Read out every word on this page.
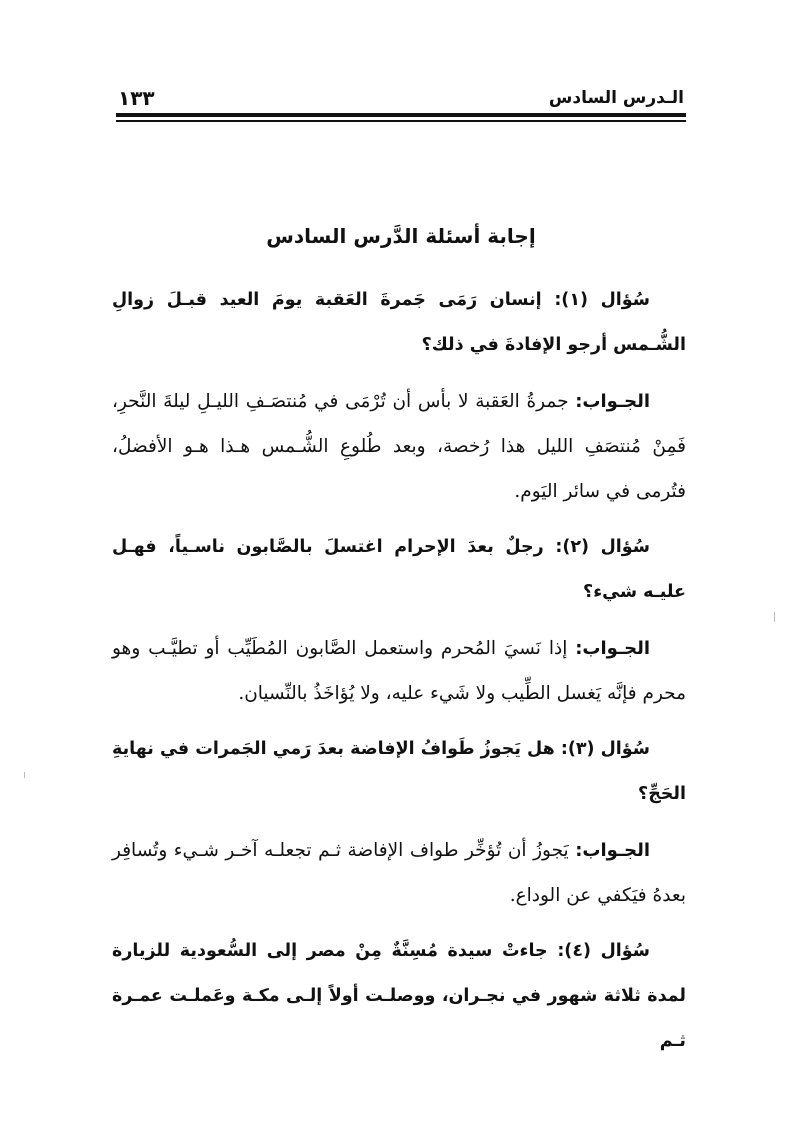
الـدرس السادس
١٣٣
إجابة أسئلة الدَّرس السادس

سُؤال (١): إنسان رَمَى جَمرةَ العَقبة يومَ العيد قبـلَ زوالِ الشُّـمس أرجو الإفادةَ في ذلك؟

الجـواب: جمرةُ العَقبة لا بأس أن تُرْمَى في مُنتصَـفِ الليـلِ ليلةَ النَّحرِ، فَمِنْ مُنتصَفِ الليل هذا رُخصة، وبعد طُلوعِ الشُّـمس هـذا هـو الأفضلُ، فتُرمى في سائر اليَوم.

سُؤال (٢): رجلٌ بعدَ الإحرام اغتسلَ بالصَّابون ناسـياً، فهـل عليـه شيء؟

الجـواب: إذا نَسيَ المُحرم واستعمل الصَّابون المُطَيِّب أو تطيَّـب وهو محرم فإنَّه يَغسل الطِّيب ولا شَيء عليه، ولا يُؤاخَذُ بالنِّسيان.

سُؤال (٣): هل يَجوزُ طَوافُ الإفاضة بعدَ رَمي الجَمرات في نهايةِ الحَجِّ؟

الجـواب: يَجوزُ أن تُؤخِّر طواف الإفاضة ثـم تجعلـه آخـر شـيء وتُسافِر بعدهُ فيَكفي عن الوداع.

سُؤال (٤): جاءتْ سيدة مُسِنَّةٌ مِنْ مصر إلى السُّعودية للزيارة لمدة ثلاثة شهور في نجـران، ووصلـت أولاً إلـى مكـة وعَملـت عمـرة ثـم
